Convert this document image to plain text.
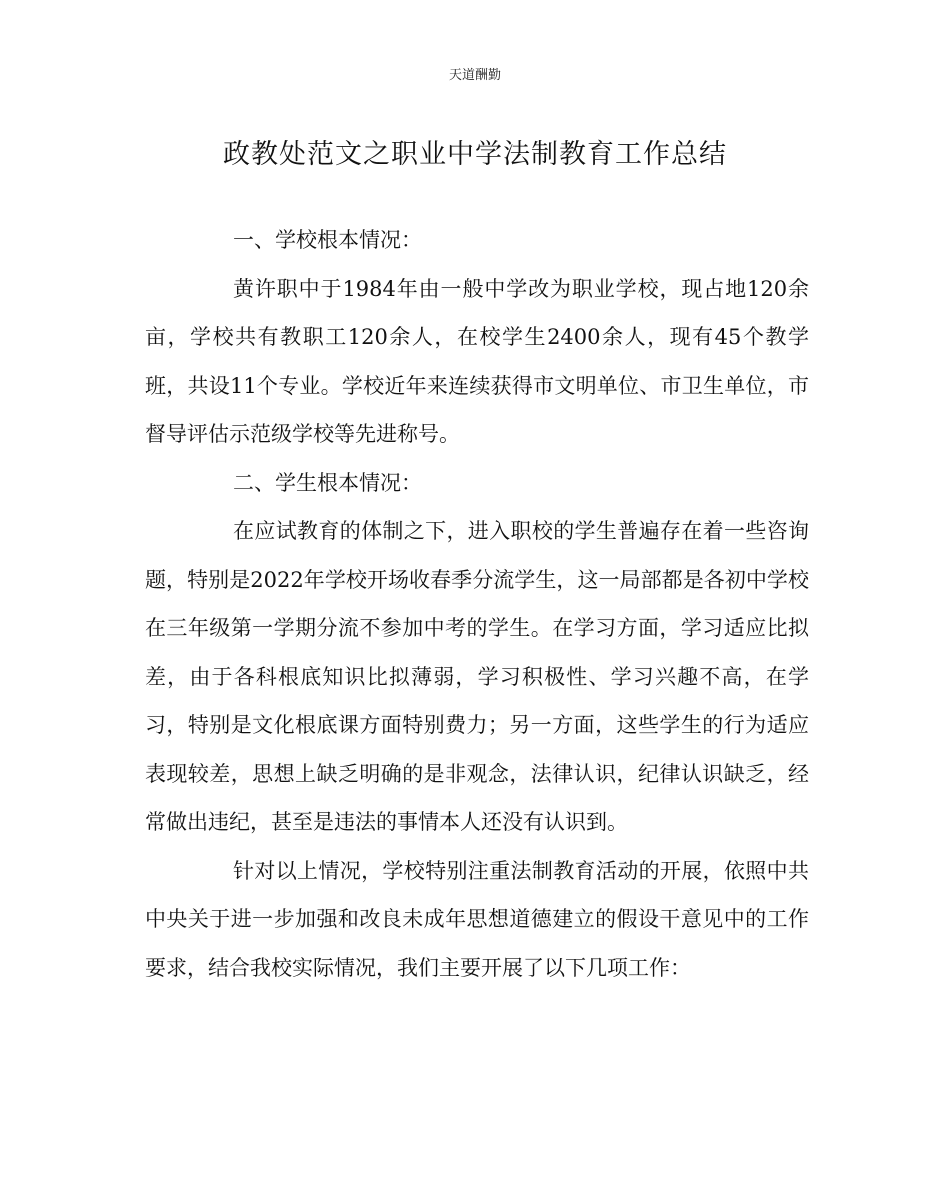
天道酬勤
政教处范文之职业中学法制教育工作总结

一、学校根本情况：

黄许职中于1984年由一般中学改为职业学校，现占地120余亩，学校共有教职工120余人，在校学生2400余人，现有45个教学班，共设11个专业。学校近年来连续获得市文明单位、市卫生单位，市督导评估示范级学校等先进称号。

二、学生根本情况：

在应试教育的体制之下，进入职校的学生普遍存在着一些咨询题，特别是2022年学校开场收春季分流学生，这一局部都是各初中学校在三年级第一学期分流不参加中考的学生。在学习方面，学习适应比拟差，由于各科根底知识比拟薄弱，学习积极性、学习兴趣不高，在学习，特别是文化根底课方面特别费力；另一方面，这些学生的行为适应表现较差，思想上缺乏明确的是非观念，法律认识，纪律认识缺乏，经常做出违纪，甚至是违法的事情本人还没有认识到。

针对以上情况，学校特别注重法制教育活动的开展，依照中共中央关于进一步加强和改良未成年思想道德建立的假设干意见中的工作要求，结合我校实际情况，我们主要开展了以下几项工作：
